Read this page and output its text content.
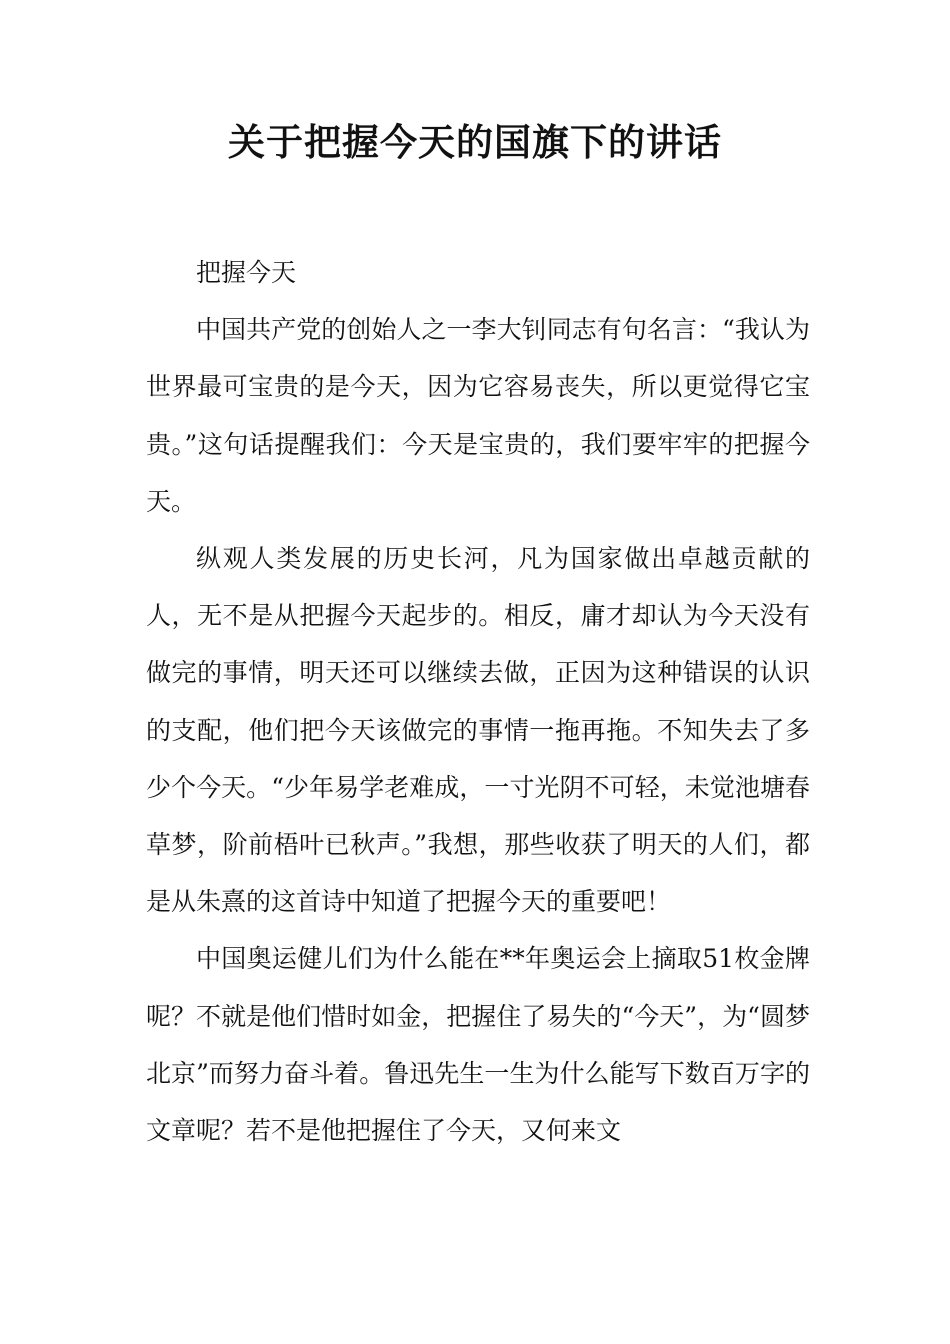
关于把握今天的国旗下的讲话

把握今天

中国共产党的创始人之一李大钊同志有句名言：“我认为世界最可宝贵的是今天，因为它容易丧失，所以更觉得它宝贵。”这句话提醒我们：今天是宝贵的，我们要牢牢的把握今天。

纵观人类发展的历史长河，凡为国家做出卓越贡献的人，无不是从把握今天起步的。相反，庸才却认为今天没有做完的事情，明天还可以继续去做，正因为这种错误的认识的支配，他们把今天该做完的事情一拖再拖。不知失去了多少个今天。“少年易学老难成，一寸光阴不可轻，未觉池塘春草梦，阶前梧叶已秋声。”我想，那些收获了明天的人们，都是从朱熹的这首诗中知道了把握今天的重要吧！

中国奥运健儿们为什么能在**年奥运会上摘取51枚金牌呢？不就是他们惜时如金，把握住了易失的“今天”，为“圆梦北京”而努力奋斗着。鲁迅先生一生为什么能写下数百万字的文章呢？若不是他把握住了今天，又何来文
